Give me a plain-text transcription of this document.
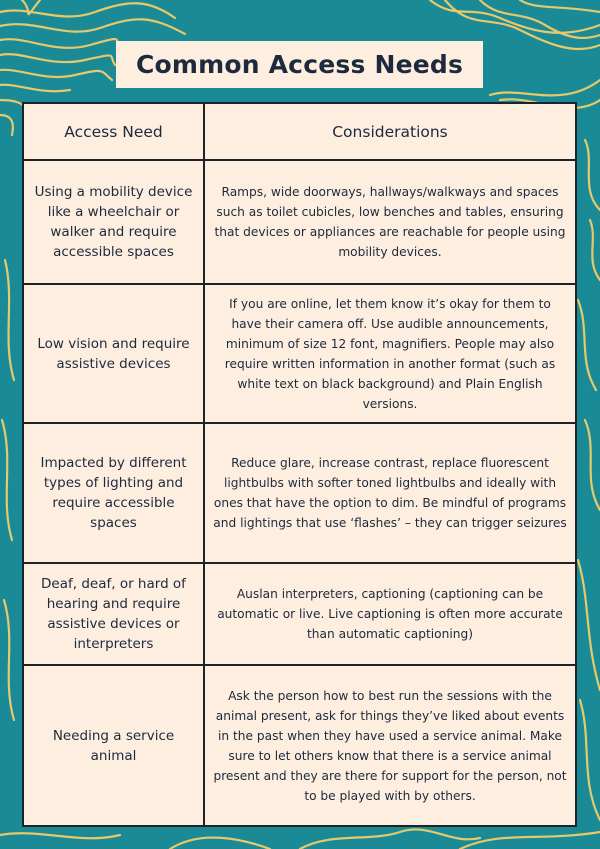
Common Access Needs
Access Need	Considerations
Using a mobility device like a wheelchair or walker and require accessible spaces	Ramps, wide doorways, hallways/walkways and spaces such as toilet cubicles, low benches and tables, ensuring that devices or appliances are reachable for people using mobility devices.
Low vision and require assistive devices	If you are online, let them know it’s okay for them to have their camera off. Use audible announcements, minimum of size 12 font, magnifiers. People may also require written information in another format (such as white text on black background) and Plain English versions.
Impacted by different types of lighting and require accessible spaces	Reduce glare, increase contrast, replace fluorescent lightbulbs with softer toned lightbulbs and ideally with ones that have the option to dim. Be mindful of programs and lightings that use ‘flashes’ – they can trigger seizures
Deaf, deaf, or hard of hearing and require assistive devices or interpreters	Auslan interpreters, captioning (captioning can be automatic or live. Live captioning is often more accurate than automatic captioning)
Needing a service animal	Ask the person how to best run the sessions with the animal present, ask for things they’ve liked about events in the past when they have used a service animal. Make sure to let others know that there is a service animal present and they are there for support for the person, not to be played with by others.
